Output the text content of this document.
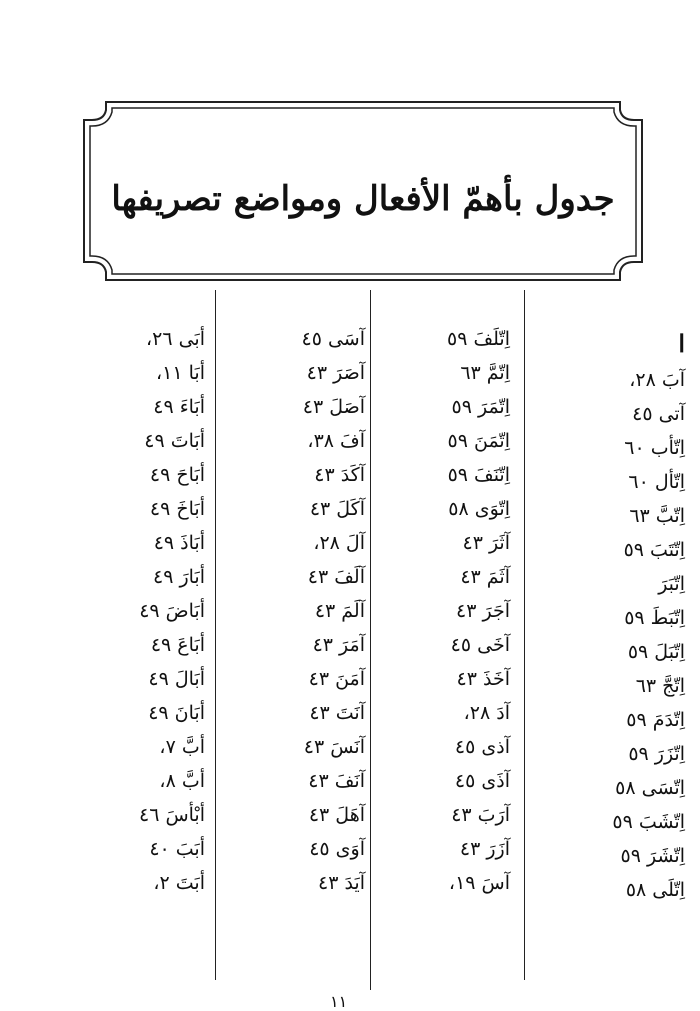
جدول بأهمّ الأفعال ومواضع تصريفها
ا
آبَ ۲۸،
آتى ٤٥
اِتّأب ٦٠
اِتّأل ٦٠
اِتّبَّ ٦٣
اِتّتَبَ ٥٩
اِتّبَرَ
اِتّبَطَ ٥٩
اِتّبَلَ ٥٩
اِتّجَّ ٦٣
اِتّدَمَ ٥٩
اِتّزَرَ ٥٩
اِتّسَى ٥٨
اِتّشَبَ ٥٩
اِتّشَرَ ٥٩
اِتّلَى ٥٨
اِتّلَفَ ٥٩
اِتّمَّ ٦٣
اِتّمَرَ ٥٩
اِتّمَنَ ٥٩
اِتّنَفَ ٥٩
اِتّوَى ٥٨
آثَرَ ٤٣
آثَمَ ٤٣
آجَرَ ٤٣
آخَى ٤٥
آخَذَ ٤٣
آدَ ۲۸،
آذى ٤٥
آذَى ٤٥
آرَبَ ٤٣
آزَرَ ٤٣
آسَ ۱۹،
آسَى ٤٥
آصَرَ ٤٣
آصَلَ ٤٣
آفَ ۳۸،
آكَدَ ٤٣
آكَلَ ٤٣
آلَ ۲۸،
آلَفَ ٤٣
آلَمَ ٤٣
آمَرَ ٤٣
آمَنَ ٤٣
آنَتَ ٤٣
آنَسَ ٤٣
آنَفَ ٤٣
آهَلَ ٤٣
آوَى ٤٥
آيَدَ ٤٣
أبَى ۲٦،
أبَا ۱۱،
أبَاءَ ٤٩
أبَاتَ ٤٩
أبَاحَ ٤٩
أبَاخَ ٤٩
أبَاذَ ٤٩
أبَارَ ٤٩
أبَاضَ ٤٩
أبَاعَ ٤٩
أبَالَ ٤٩
أبَانَ ٤٩
أبَّ ۷،
أبَّ ۸،
أبْأسَ ٤٦
أبَبَ ٤٠
أبَتَ ۲،
١١
